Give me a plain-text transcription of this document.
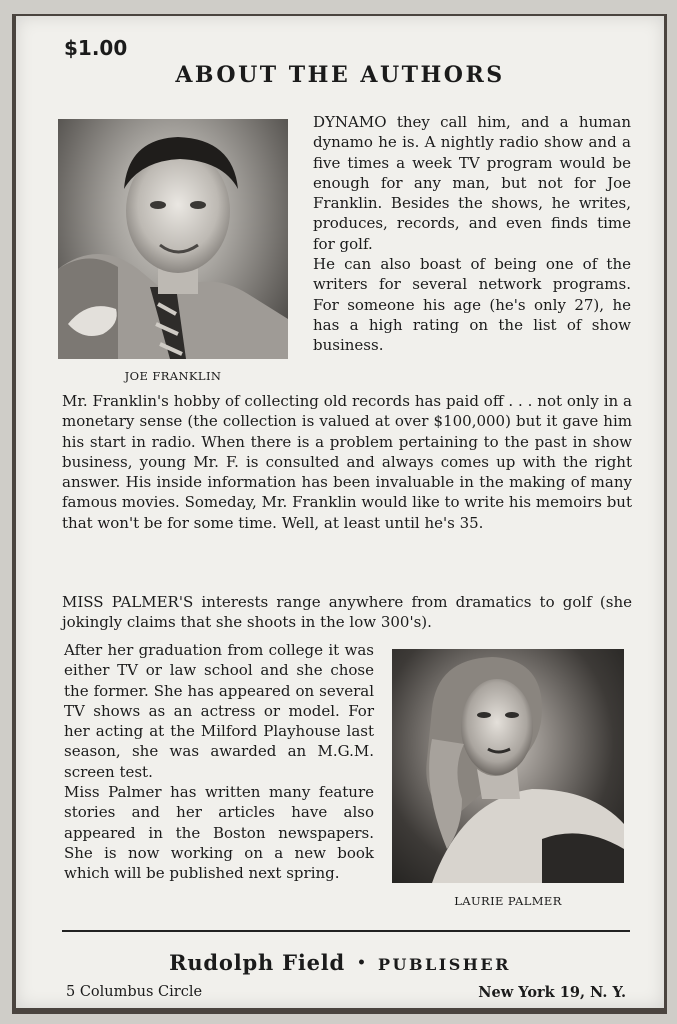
$1.00
ABOUT THE AUTHORS
JOE FRANKLIN

DYNAMO they call him, and a human dynamo he is. A nightly radio show and a five times a week TV program would be enough for any man, but not for Joe Franklin. Besides the shows, he writes, produces, records, and even finds time for golf.

He can also boast of being one of the writers for several network programs. For someone his age (he's only 27), he has a high rating on the list of show business.

Mr. Franklin's hobby of collecting old records has paid off . . . not only in a monetary sense (the collection is valued at over $100,000) but it gave him his start in radio. When there is a problem pertaining to the past in show business, young Mr. F. is consulted and always comes up with the right answer. His inside information has been invaluable in the making of many famous movies. Someday, Mr. Franklin would like to write his memoirs but that won't be for some time. Well, at least until he's 35.

MISS PALMER'S interests range anywhere from dramatics to golf (she jokingly claims that she shoots in the low 300's).

After her graduation from college it was either TV or law school and she chose the former. She has appeared on several TV shows as an actress or model. For her acting at the Milford Playhouse last season, she was awarded an M.G.M. screen test.

Miss Palmer has written many feature stories and her articles have also appeared in the Boston newspapers. She is now working on a new book which will be published next spring.

LAURIE PALMER
Rudolph Field • PUBLISHER
5 Columbus Circle	New York 19, N. Y.
